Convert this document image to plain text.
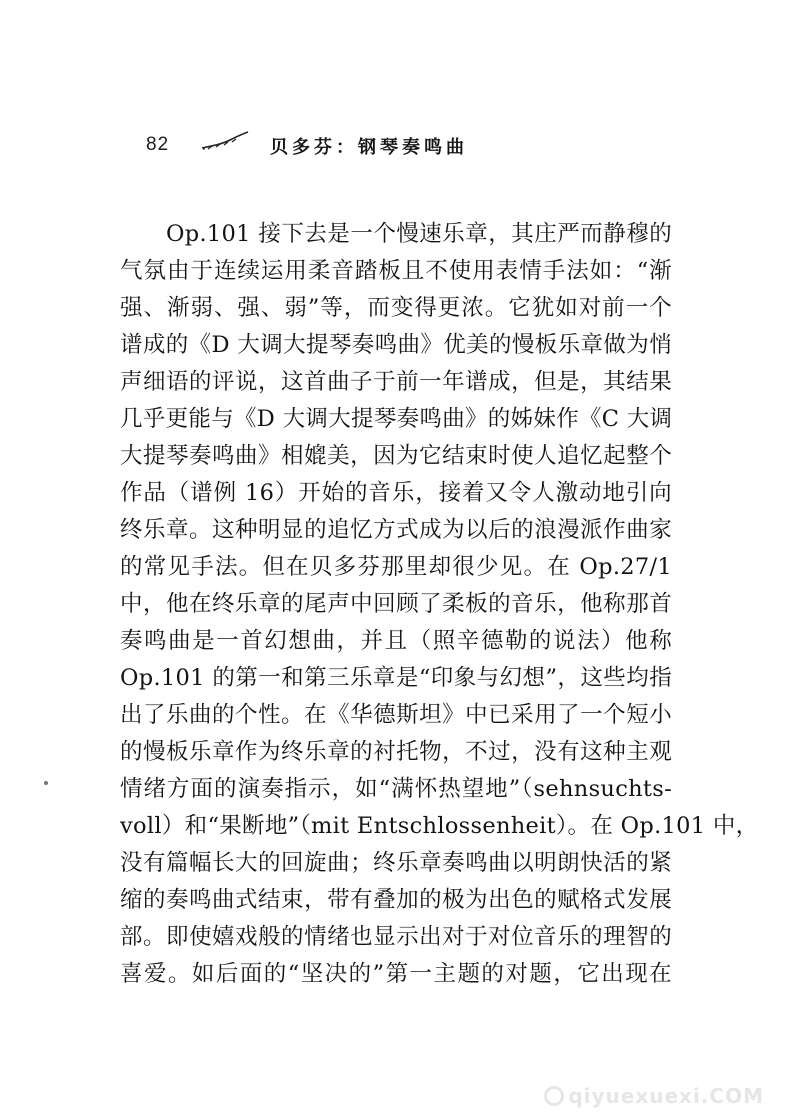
82	贝多芬：钢琴奏鸣曲
Op.101 接下去是一个慢速乐章，其庄严而静穆的
气氛由于连续运用柔音踏板且不使用表情手法如：“渐
强、渐弱、强、弱”等，而变得更浓。它犹如对前一个
谱成的《D 大调大提琴奏鸣曲》优美的慢板乐章做为悄
声细语的评说，这首曲子于前一年谱成，但是，其结果
几乎更能与《D 大调大提琴奏鸣曲》的姊妹作《C 大调
大提琴奏鸣曲》相媲美，因为它结束时使人追忆起整个
作品（谱例 16）开始的音乐，接着又令人激动地引向
终乐章。这种明显的追忆方式成为以后的浪漫派作曲家
的常见手法。但在贝多芬那里却很少见。在 Op.27/1
中，他在终乐章的尾声中回顾了柔板的音乐，他称那首
奏鸣曲是一首幻想曲，并且（照辛德勒的说法）他称
Op.101 的第一和第三乐章是“印象与幻想”，这些均指
出了乐曲的个性。在《华德斯坦》中已采用了一个短小
的慢板乐章作为终乐章的衬托物，不过，没有这种主观
情绪方面的演奏指示，如“满怀热望地”（sehnsuchts-
voll）和“果断地”（mit Entschlossenheit）。在 Op.101 中，
没有篇幅长大的回旋曲；终乐章奏鸣曲以明朗快活的紧
缩的奏鸣曲式结束，带有叠加的极为出色的赋格式发展
部。即使嬉戏般的情绪也显示出对于对位音乐的理智的
喜爱。如后面的“坚决的”第一主题的对题，它出现在
qiyuexuexi.COM
